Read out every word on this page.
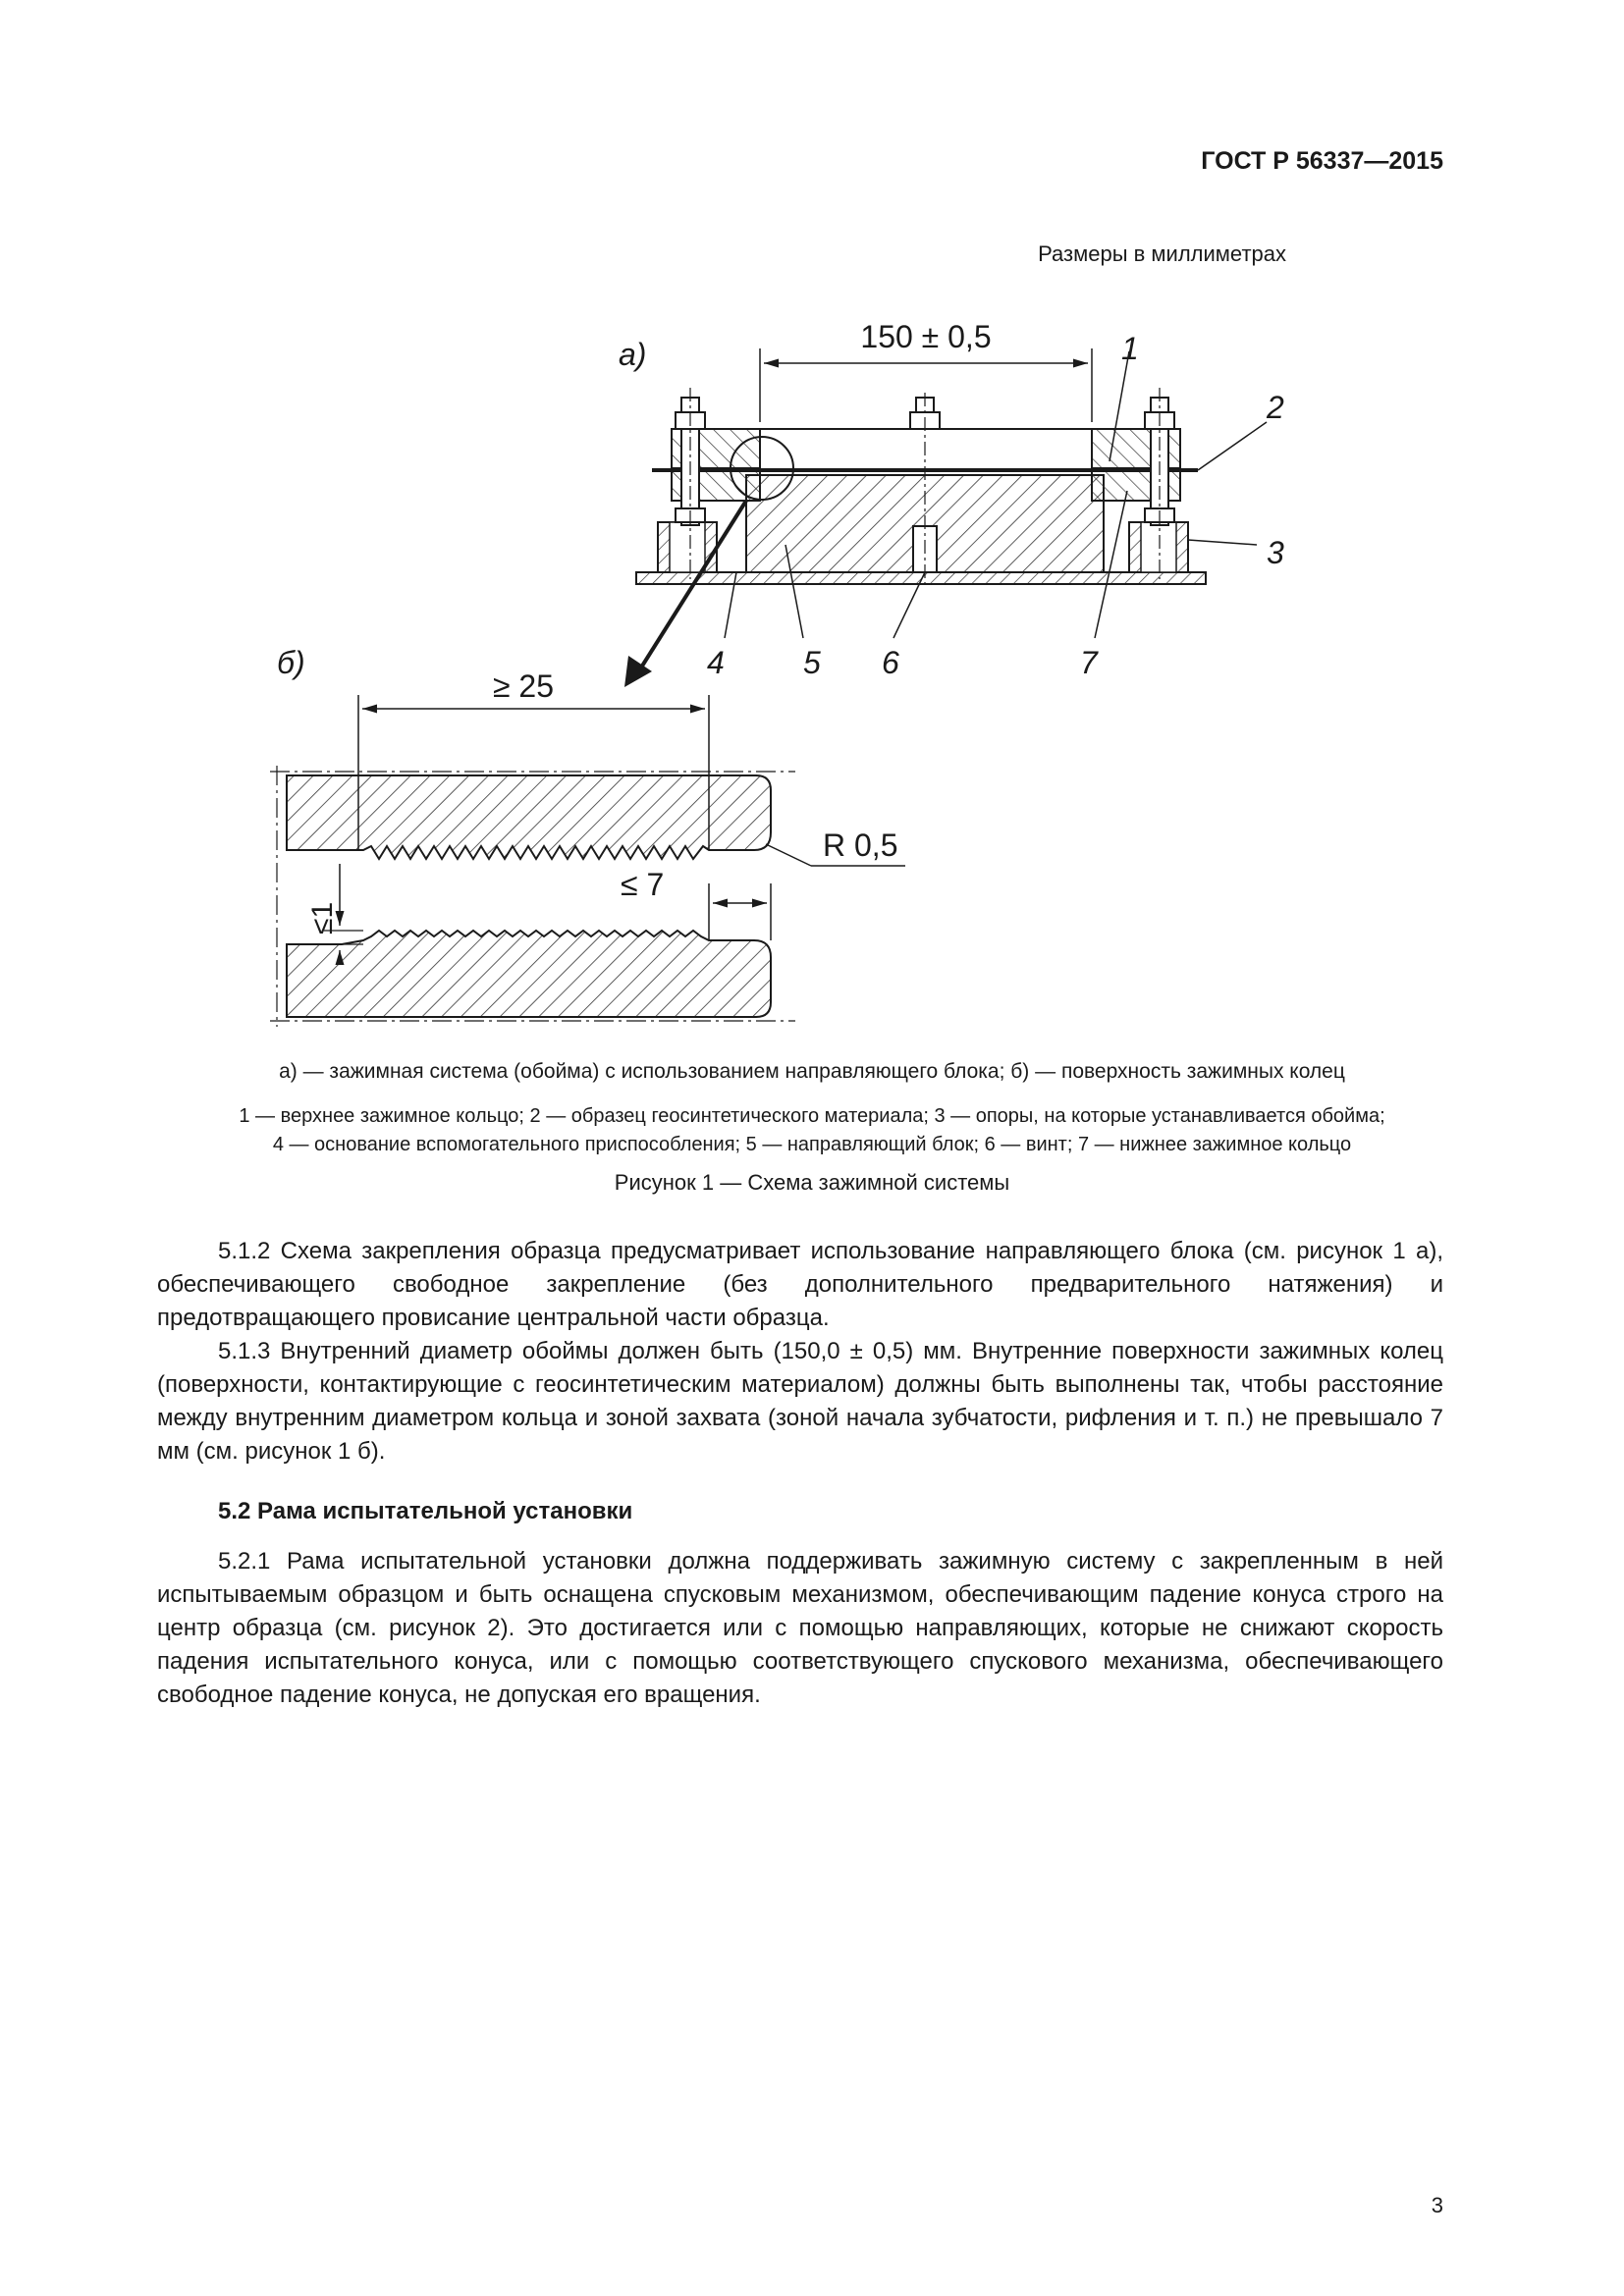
ГОСТ Р 56337—2015
Размеры в миллиметрах
150 ± 0,5
а)	1
2
3
4	5 6	7
б)
≥ 25
≤ 7
R 0,5
≤1
а) — зажимная система (обойма) с использованием направляющего блока; б) — поверхность зажимных колец
1 — верхнее зажимное кольцо; 2 — образец геосинтетического материала; 3 — опоры, на которые устанавливается обойма;
4 — основание вспомогательного приспособления; 5 — направляющий блок; 6 — винт; 7 — нижнее зажимное кольцо
Рисунок 1 — Схема зажимной системы

5.1.2 Схема закрепления образца предусматривает использование направляющего блока (см. рисунок 1 а), обеспечивающего свободное закрепление (без дополнительного предварительного натяжения) и предотвращающего провисание центральной части образца.

5.1.3 Внутренний диаметр обоймы должен быть (150,0 ± 0,5) мм. Внутренние поверхности зажимных колец (поверхности, контактирующие с геосинтетическим материалом) должны быть выполнены так, чтобы расстояние между внутренним диаметром кольца и зоной захвата (зоной начала зубчатости, рифления и т. п.) не превышало 7 мм (см. рисунок 1 б).

5.2 Рама испытательной установки

5.2.1 Рама испытательной установки должна поддерживать зажимную систему с закрепленным в ней испытываемым образцом и быть оснащена спусковым механизмом, обеспечивающим падение конуса строго на центр образца (см. рисунок 2). Это достигается или с помощью направляющих, которые не снижают скорость падения испытательного конуса, или с помощью соответствующего спускового механизма, обеспечивающего свободное падение конуса, не допуская его вращения.

3
